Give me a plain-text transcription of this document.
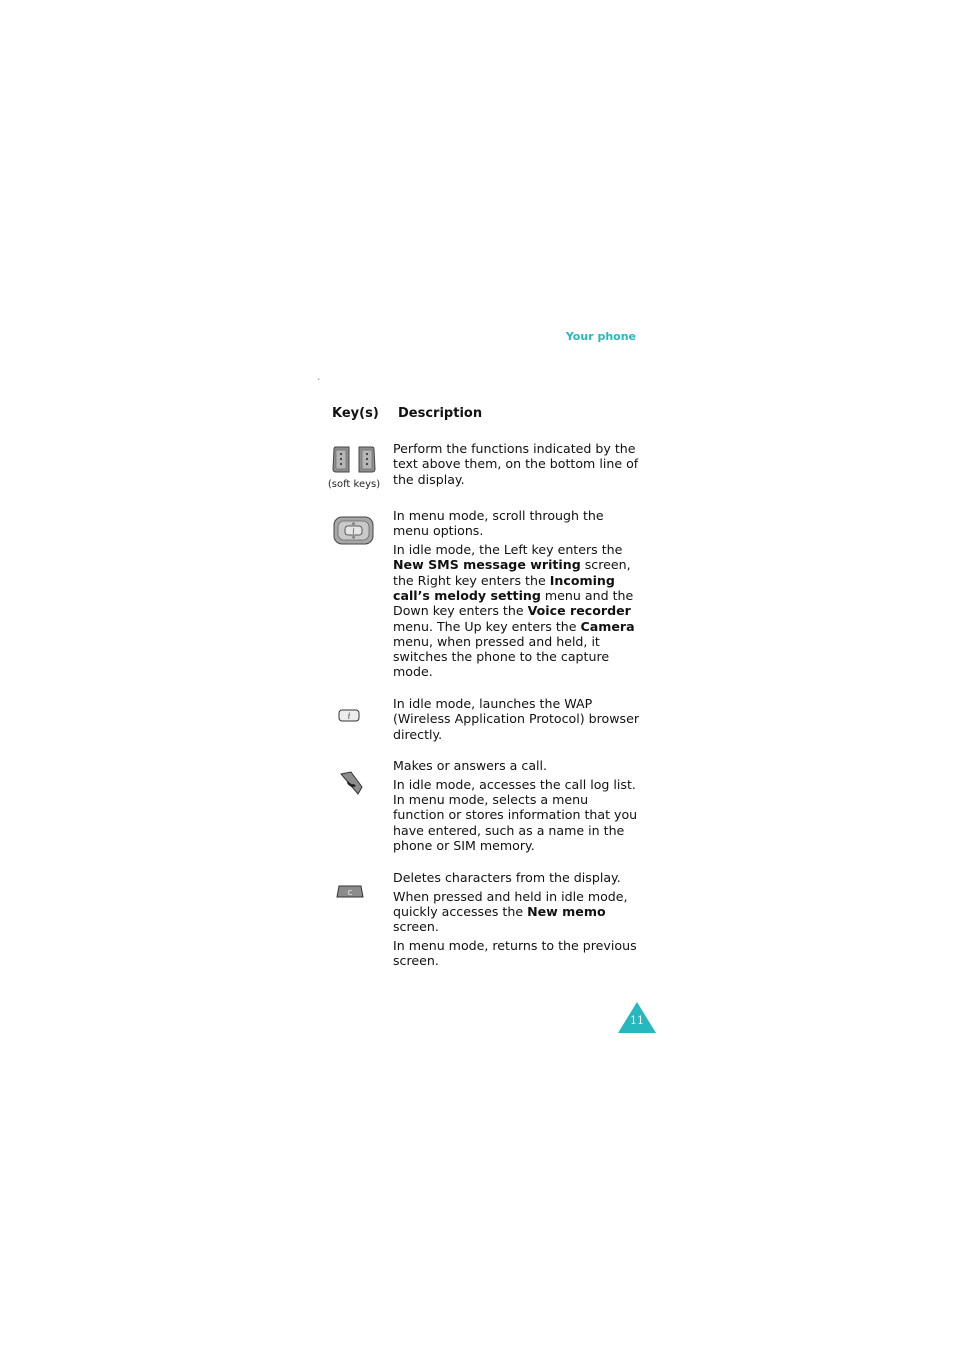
Your phone
`
Key(s) Description
(soft keys)
i
i
C

Perform the functions indicated by the text above them, on the bottom line of the display.

In menu mode, scroll through the menu options.

In idle mode, the Left key enters the New SMS message writing screen, the Right key enters the Incoming call’s melody setting menu and the Down key enters the Voice recorder menu. The Up key enters the Camera menu, when pressed and held, it switches the phone to the capture mode.

In idle mode, launches the WAP (Wireless Application Protocol) browser directly.

Makes or answers a call.

In idle mode, accesses the call log list. In menu mode, selects a menu function or stores information that you have entered, such as a name in the phone or SIM memory.

Deletes characters from the display.

When pressed and held in idle mode, quickly accesses the New memo screen.

In menu mode, returns to the previous screen.

11
